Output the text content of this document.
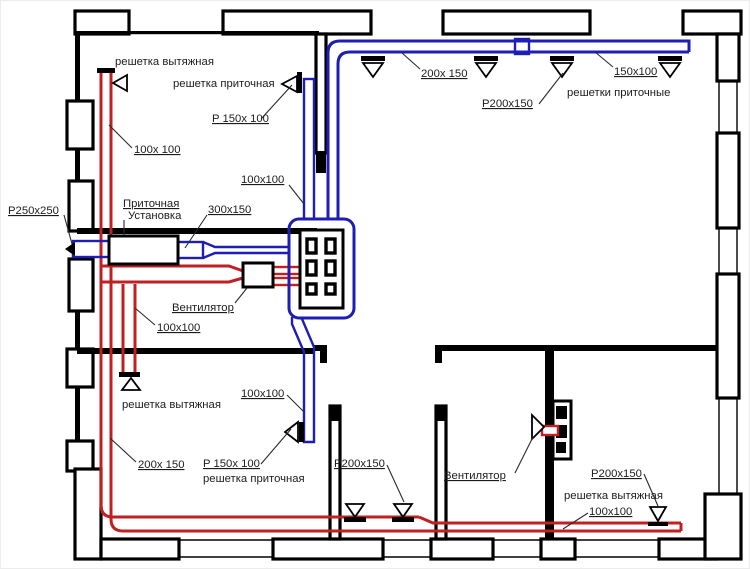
решетка вытяжная
решетка приточная
P 150x 100
100x 100
Приточная
Установка 300x150
P250x250
100x100
Вентилятор
100x100
решетка вытяжная
200x 150 P 150x 100
решетка приточная
100x100
P200x150
Вентилятор	P200x150
решетка вытяжная
100x100
200x 150
P200x150
150x100
решетки приточные
